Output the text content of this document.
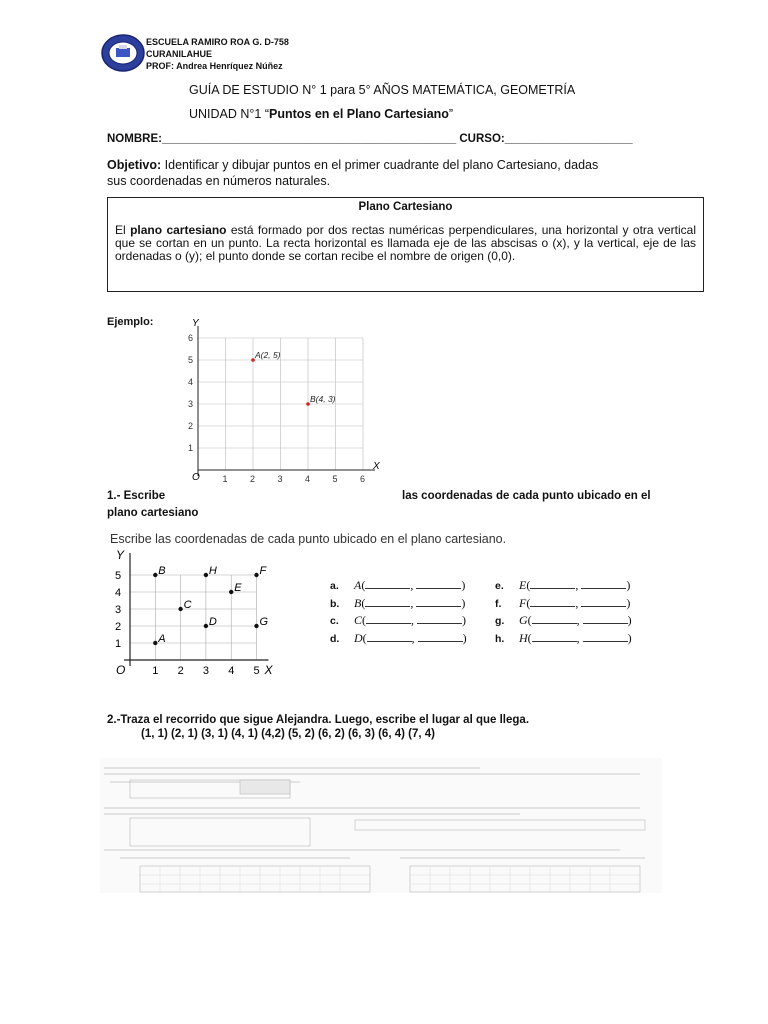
ESCUELA RAMIRO ROA G. D-758
CURANILAHUE
PROF: Andrea Henríquez Núñez
GUÍA DE ESTUDIO N° 1 para 5° AÑOS MATEMÁTICA, GEOMETRÍA
UNIDAD N°1 “Puntos en el Plano Cartesiano”
NOMBRE:______________________________________________ CURSO:____________________
Objetivo: Identificar y dibujar puntos en el primer cuadrante del plano Cartesiano, dadas
sus coordenadas en números naturales.
Plano Cartesiano
El plano cartesiano está formado por dos rectas numéricas perpendiculares, una horizontal y otra vertical que se cortan en un punto. La recta horizontal es llamada eje de las abscisas o (x), y la vertical, eje de las ordenadas o (y); el punto donde se cortan recibe el nombre de origen (0,0).
Ejemplo:
X
Y
O	1 2 3 4 5 6
1
2
3
4
5
6
A(2, 5)
B(4, 3)
1.- Escribe	las coordenadas de cada punto ubicado en el
plano cartesiano
Escribe las coordenadas de cada punto ubicado en el plano cartesiano.
X
Y
O 1 2 3 4 5
1
2
3
4
5
A
B
C
D
E
F
G
H
a. A(	,	)
b. B(	,	)
c. C(	,	)
d. D(	,	)
e. E(	,	)
f. F(	,	)
g. G(	,	)
h. H(	,	)
2.-Traza el recorrido que sigue Alejandra. Luego, escribe el lugar al que llega.
(1, 1) (2, 1) (3, 1) (4, 1) (4,2) (5, 2) (6, 2) (6, 3) (6, 4) (7, 4)
